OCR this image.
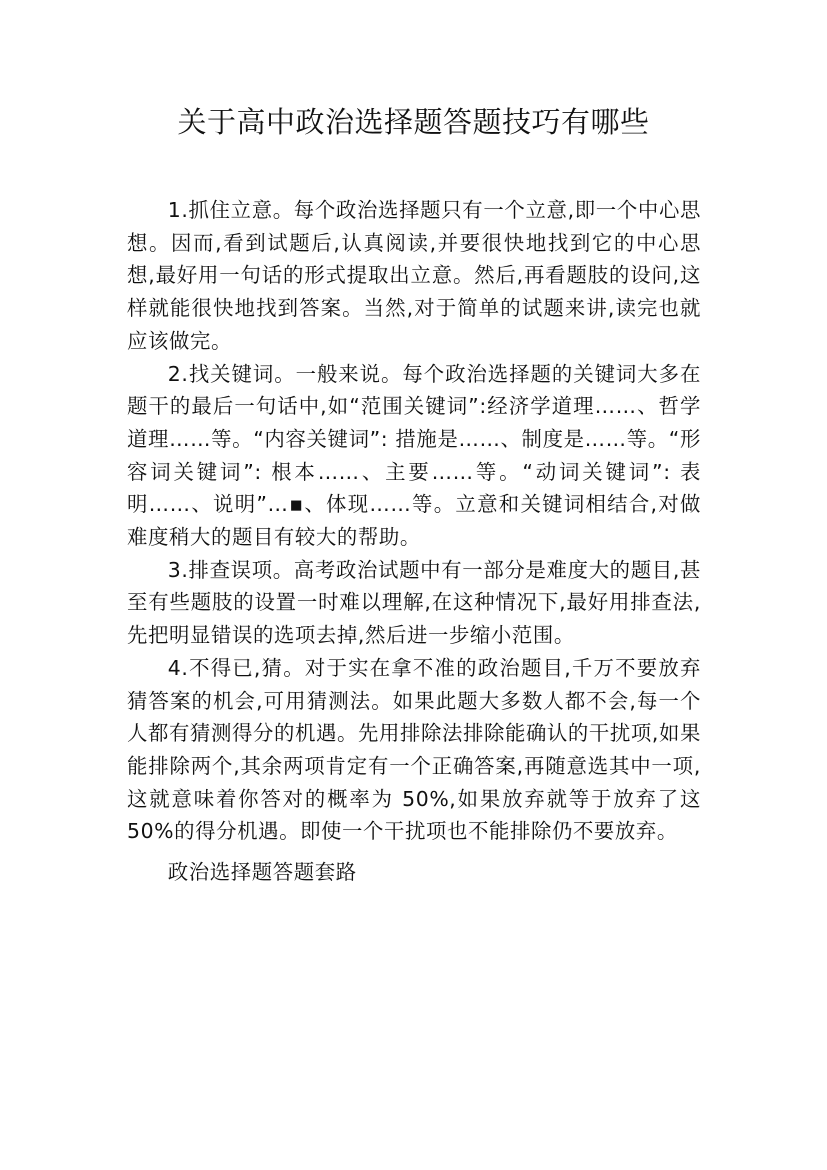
关于高中政治选择题答题技巧有哪些

1.抓住立意。每个政治选择题只有一个立意,即一个中心思想。因而,看到试题后,认真阅读,并要很快地找到它的中心思想,最好用一句话的形式提取出立意。然后,再看题肢的设问,这样就能很快地找到答案。当然,对于简单的试题来讲,读完也就应该做完。

2.找关键词。一般来说。每个政治选择题的关键词大多在题干的最后一句话中,如“范围关键词”:经济学道理……、哲学道理……等。“内容关键词”: 措施是……、制度是……等。“形容词关键词”: 根本……、主要……等。“动词关键词”: 表明……、说明”…▪、体现……等。立意和关键词相结合,对做难度稍大的题目有较大的帮助。

3.排查误项。高考政治试题中有一部分是难度大的题目,甚至有些题肢的设置一时难以理解,在这种情况下,最好用排查法,先把明显错误的选项去掉,然后进一步缩小范围。

4.不得已,猜。对于实在拿不准的政治题目,千万不要放弃猜答案的机会,可用猜测法。如果此题大多数人都不会,每一个人都有猜测得分的机遇。先用排除法排除能确认的干扰项,如果能排除两个,其余两项肯定有一个正确答案,再随意选其中一项,这就意味着你答对的概率为 50%,如果放弃就等于放弃了这 50%的得分机遇。即使一个干扰项也不能排除仍不要放弃。

政治选择题答题套路
